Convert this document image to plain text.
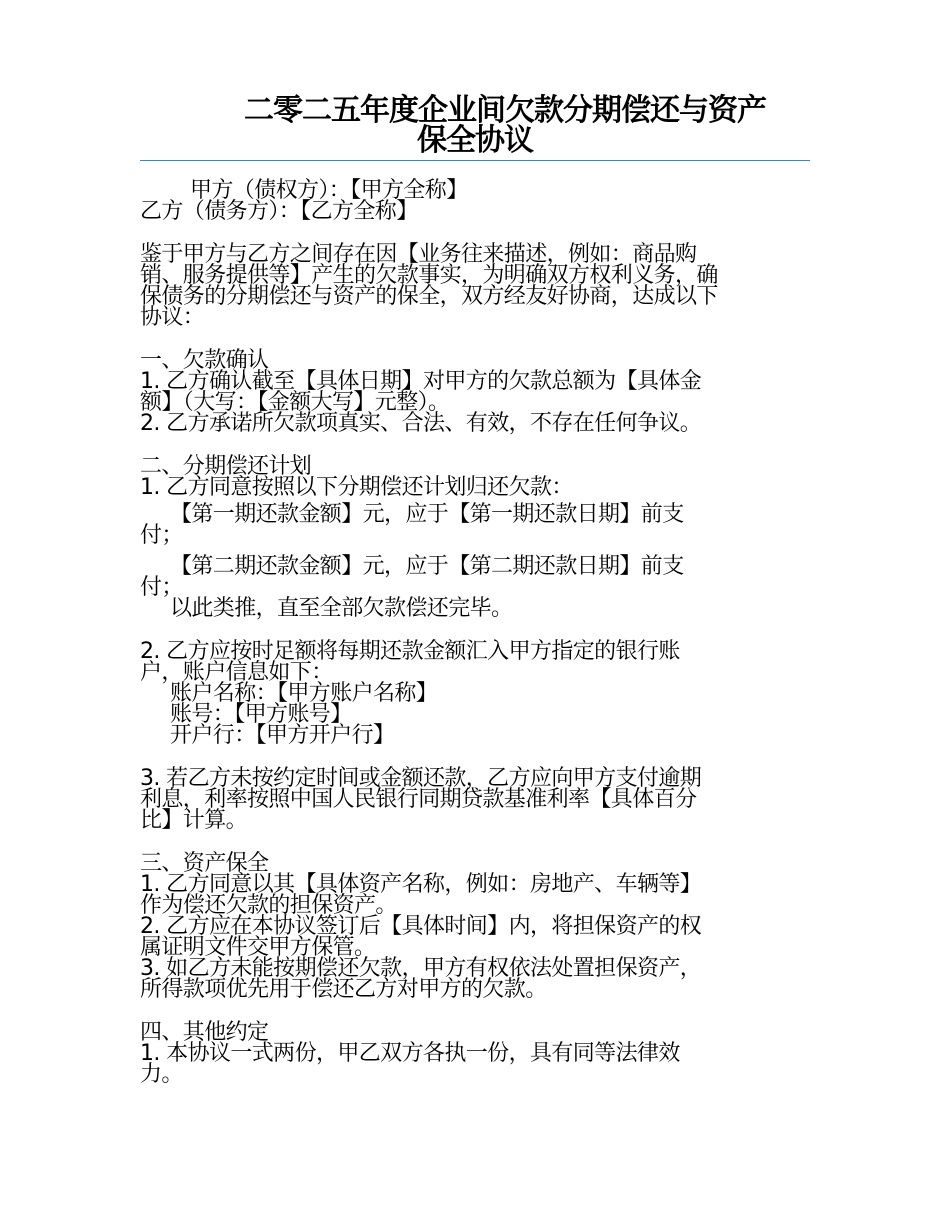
二零二五年度企业间欠款分期偿还与资产
保全协议
甲方（债权方）：【甲方全称】
乙方（债务方）：【乙方全称】
鉴于甲方与乙方之间存在因【业务往来描述，例如：商品购
销、服务提供等】产生的欠款事实，为明确双方权利义务，确
保债务的分期偿还与资产的保全，双方经友好协商，达成以下
协议：
一、欠款确认
1. 乙方确认截至【具体日期】对甲方的欠款总额为【具体金
额】（大写：【金额大写】元整）。
2. 乙方承诺所欠款项真实、合法、有效，不存在任何争议。
二、分期偿还计划
1. 乙方同意按照以下分期偿还计划归还欠款：
【第一期还款金额】元，应于【第一期还款日期】前支
付；
【第二期还款金额】元，应于【第二期还款日期】前支
付；
以此类推，直至全部欠款偿还完毕。
2. 乙方应按时足额将每期还款金额汇入甲方指定的银行账
户，账户信息如下：
账户名称：【甲方账户名称】
账号：【甲方账号】
开户行：【甲方开户行】
3. 若乙方未按约定时间或金额还款，乙方应向甲方支付逾期
利息，利率按照中国人民银行同期贷款基准利率【具体百分
比】计算。
三、资产保全
1. 乙方同意以其【具体资产名称，例如：房地产、车辆等】
作为偿还欠款的担保资产。
2. 乙方应在本协议签订后【具体时间】内，将担保资产的权
属证明文件交甲方保管。
3. 如乙方未能按期偿还欠款，甲方有权依法处置担保资产，
所得款项优先用于偿还乙方对甲方的欠款。
四、其他约定
1. 本协议一式两份，甲乙双方各执一份，具有同等法律效
力。
